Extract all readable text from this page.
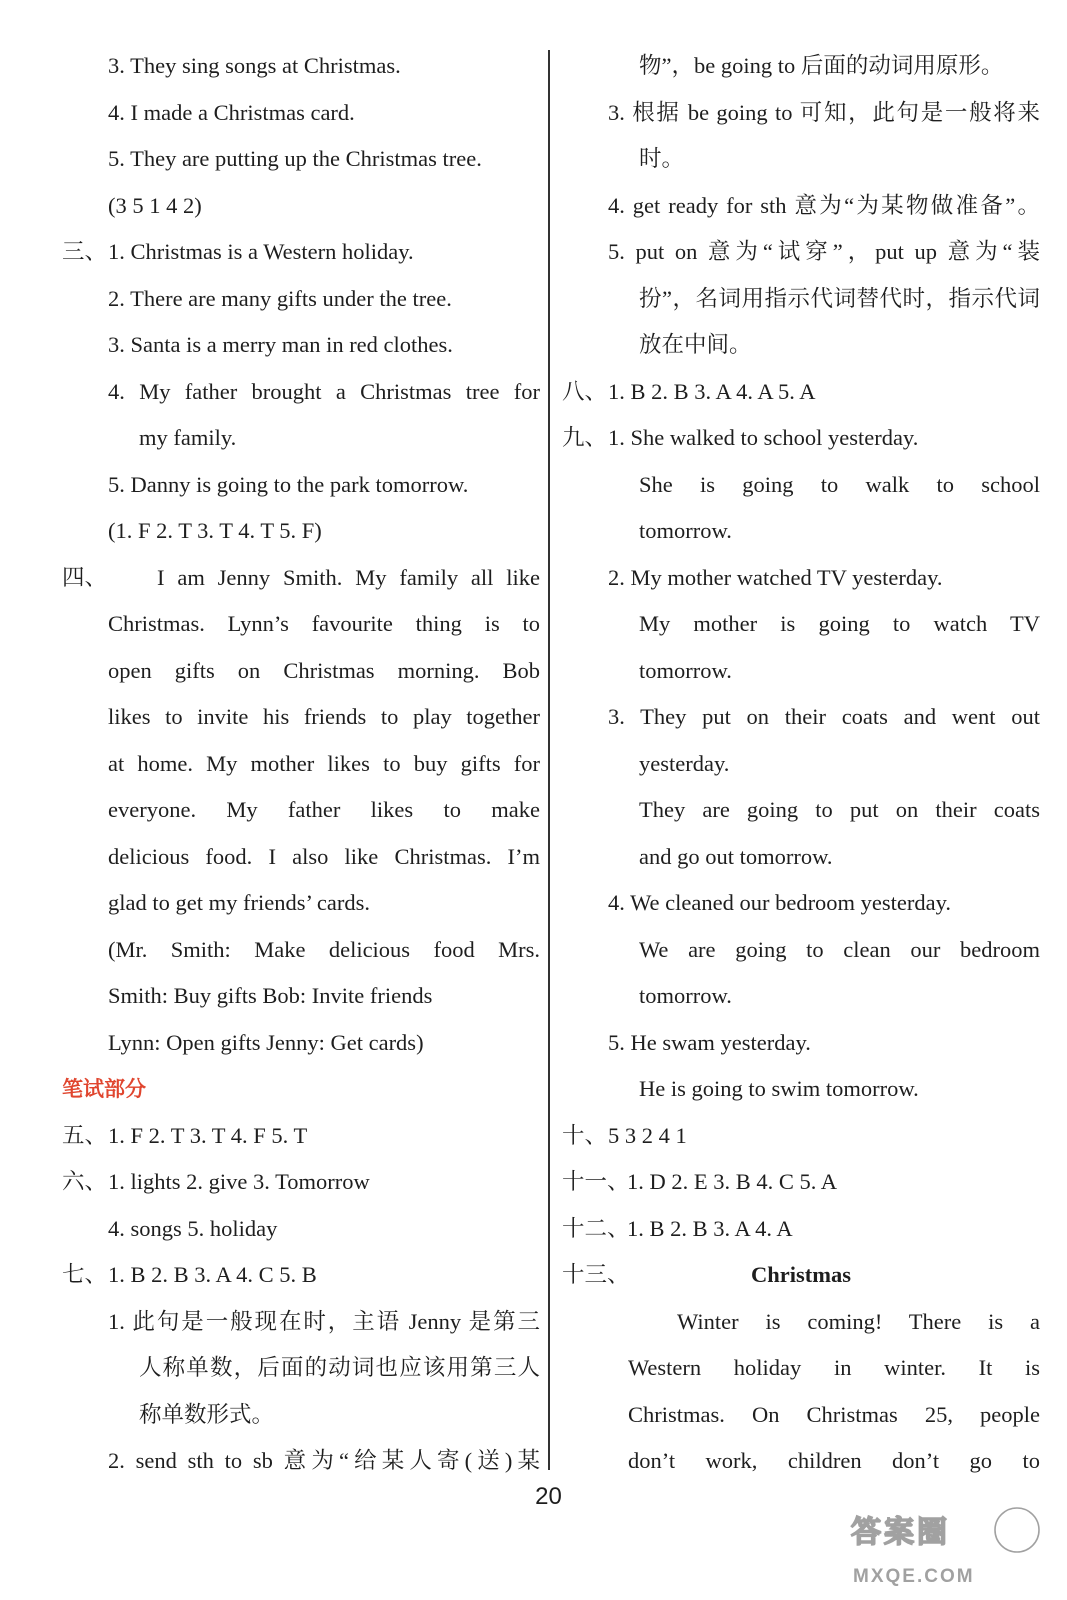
3. They sing songs at Christmas.
4. I made a Christmas card.
5. They are putting up the Christmas tree.
(3 5 1 4 2)
三、 1. Christmas is a Western holiday.
2. There are many gifts under the tree.
3. Santa is a merry man in red clothes.
4. My father brought a Christmas tree for
my family.
5. Danny is going to the park tomorrow.
(1. F 2. T 3. T 4. T 5. F)
四、 I am Jenny Smith. My family all like
Christmas. Lynn’s favourite thing is to
open gifts on Christmas morning. Bob
likes to invite his friends to play together
at home. My mother likes to buy gifts for
everyone. My father likes to make
delicious food. I also like Christmas. I’m
glad to get my friends’ cards.
(Mr. Smith: Make delicious food Mrs.
Smith: Buy gifts Bob: Invite friends
Lynn: Open gifts Jenny: Get cards)
笔试部分
五、 1. F 2. T 3. T 4. F 5. T
六、 1. lights 2. give 3. Tomorrow
4. songs 5. holiday
七、 1. B 2. B 3. A 4. C 5. B
1. 此句是一般现在时，主语 Jenny 是第三
人称单数，后面的动词也应该用第三人
称单数形式。
2. send sth to sb 意为“给某人寄(送)某
物”，be going to 后面的动词用原形。
3. 根据 be going to 可知，此句是一般将来
时。
4. get ready for sth 意为“为某物做准备”。
5. put on 意为“试穿”，put up 意为“装
扮”，名词用指示代词替代时，指示代词
放在中间。
八、 1. B 2. B 3. A 4. A 5. A
九、 1. She walked to school yesterday.
She is going to walk to school
tomorrow.
2. My mother watched TV yesterday.
My mother is going to watch TV
tomorrow.
3. They put on their coats and went out
yesterday.
They are going to put on their coats
and go out tomorrow.
4. We cleaned our bedroom yesterday.
We are going to clean our bedroom
tomorrow.
5. He swam yesterday.
He is going to swim tomorrow.
十、 5 3 2 4 1
十一、
1. D 2. E 3. B 4. C 5. A
十二、
1. B 2. B 3. A 4. A
十三、	Christmas
Winter is coming! There is a
Western holiday in winter. It is
Christmas. On Christmas 25, people
don’t work, children don’t go to
20
答案圈
MXQE.COM
